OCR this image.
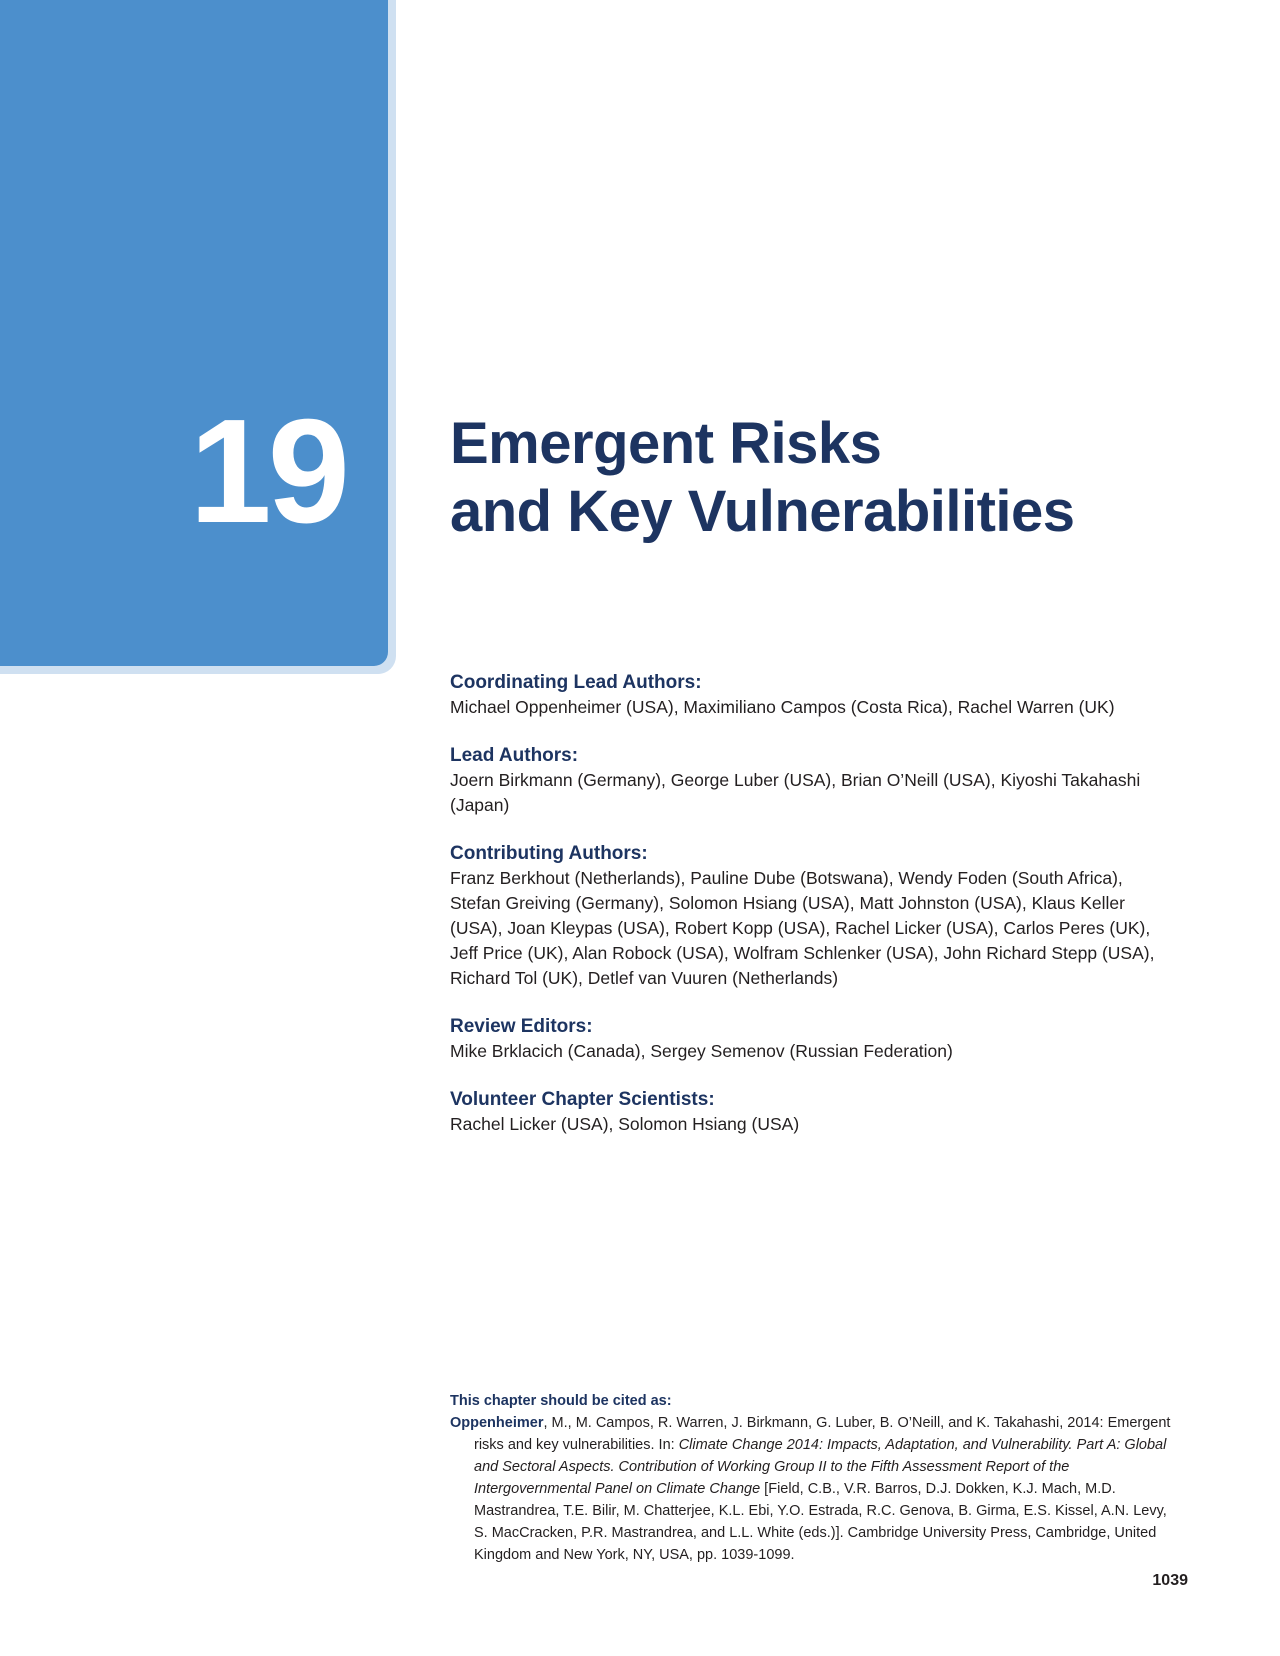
19 Emergent Risks
and Key Vulnerabilities
Coordinating Lead Authors:
Michael Oppenheimer (USA), Maximiliano Campos (Costa Rica), Rachel Warren (UK)
Lead Authors:
Joern Birkmann (Germany), George Luber (USA), Brian O’Neill (USA), Kiyoshi Takahashi (Japan)
Contributing Authors:
Franz Berkhout (Netherlands), Pauline Dube (Botswana), Wendy Foden (South Africa), Stefan Greiving (Germany), Solomon Hsiang (USA), Matt Johnston (USA), Klaus Keller (USA), Joan Kleypas (USA), Robert Kopp (USA), Rachel Licker (USA), Carlos Peres (UK), Jeff Price (UK), Alan Robock (USA), Wolfram Schlenker (USA), John Richard Stepp (USA), Richard Tol (UK), Detlef van Vuuren (Netherlands)
Review Editors:
Mike Brklacich (Canada), Sergey Semenov (Russian Federation)
Volunteer Chapter Scientists:
Rachel Licker (USA), Solomon Hsiang (USA)
This chapter should be cited as:
Oppenheimer, M., M. Campos, R. Warren, J. Birkmann, G. Luber, B. O’Neill, and K. Takahashi, 2014: Emergent risks and key vulnerabilities. In: Climate Change 2014: Impacts, Adaptation, and Vulnerability. Part A: Global and Sectoral Aspects. Contribution of Working Group II to the Fifth Assessment Report of the Intergovernmental Panel on Climate Change [Field, C.B., V.R. Barros, D.J. Dokken, K.J. Mach, M.D. Mastrandrea, T.E. Bilir, M. Chatterjee, K.L. Ebi, Y.O. Estrada, R.C. Genova, B. Girma, E.S. Kissel, A.N. Levy, S. MacCracken, P.R. Mastrandrea, and L.L. White (eds.)]. Cambridge University Press, Cambridge, United Kingdom and New York, NY, USA, pp. 1039-1099.
1039
